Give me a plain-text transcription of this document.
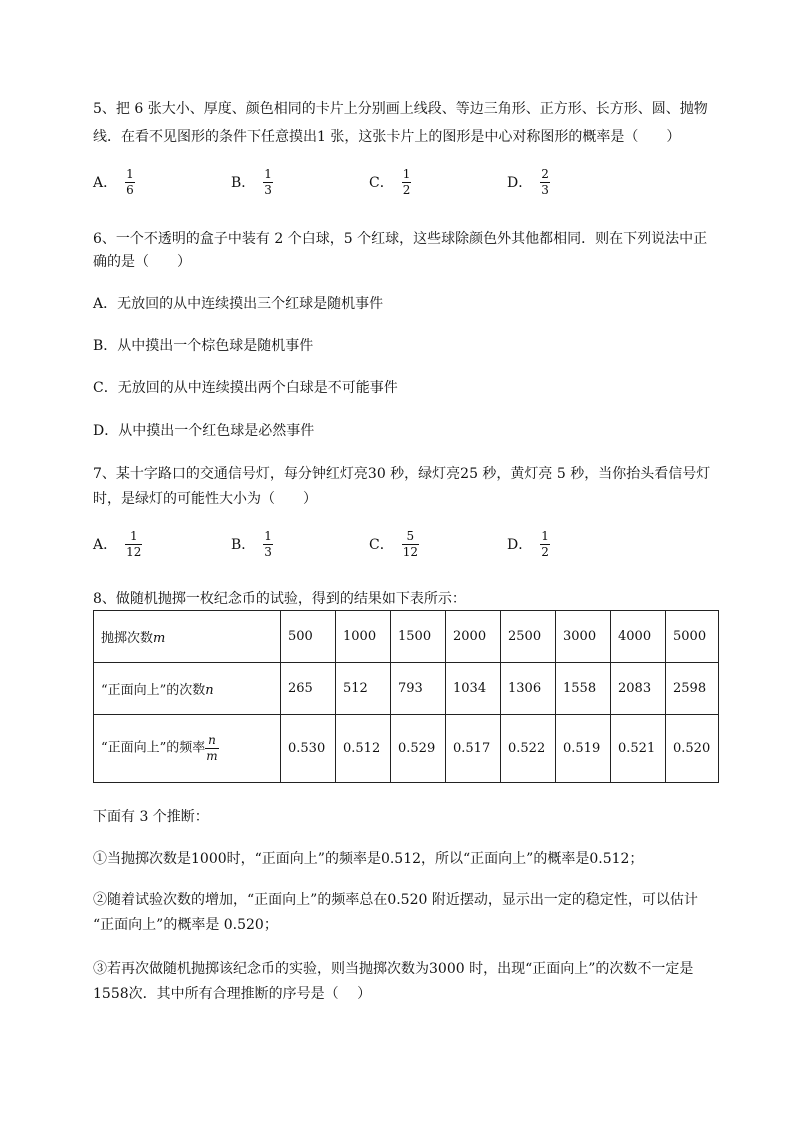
5、把 6 张大小、厚度、颜色相同的卡片上分别画上线段、等边三角形、正方形、长方形、圆、抛物
线．在看不见图形的条件下任意摸出1 张，这张卡片上的图形是中心对称图形的概率是（　　）
A． $\frac{1}{6}$	B． $\frac{1}{3}$	C． $\frac{1}{2}$	D． $\frac{2}{3}$
6、一个不透明的盒子中装有 2 个白球，5 个红球，这些球除颜色外其他都相同．则在下列说法中正
确的是（　　）
A．无放回的从中连续摸出三个红球是随机事件
B．从中摸出一个棕色球是随机事件
C．无放回的从中连续摸出两个白球是不可能事件
D．从中摸出一个红色球是必然事件
7、某十字路口的交通信号灯，每分钟红灯亮30 秒，绿灯亮25 秒，黄灯亮 5 秒，当你抬头看信号灯
时，是绿灯的可能性大小为（　　）
A． $\frac{1}{12}$	B． $\frac{1}{3}$	C． $\frac{5}{12}$	D． $\frac{1}{2}$
8、做随机抛掷一枚纪念币的试验，得到的结果如下表所示：
抛掷次数m	500	1000	1500	2000	2500	3000	4000	5000
“正面向上”的次数n	265	512	793	1034	1306	1558	2083	2598
“正面向上”的频率 $\frac{n}{m}$	0.530	0.512	0.529	0.517	0.522	0.519	0.521	0.520
下面有 3 个推断：
①当抛掷次数是1000时，“正面向上”的频率是0.512，所以“正面向上”的概率是0.512；
②随着试验次数的增加，“正面向上”的频率总在0.520 附近摆动，显示出一定的稳定性，可以估计
“正面向上”的概率是 0.520；
③若再次做随机抛掷该纪念币的实验，则当抛掷次数为3000 时，出现“正面向上”的次数不一定是
1558次．其中所有合理推断的序号是（　 ）
